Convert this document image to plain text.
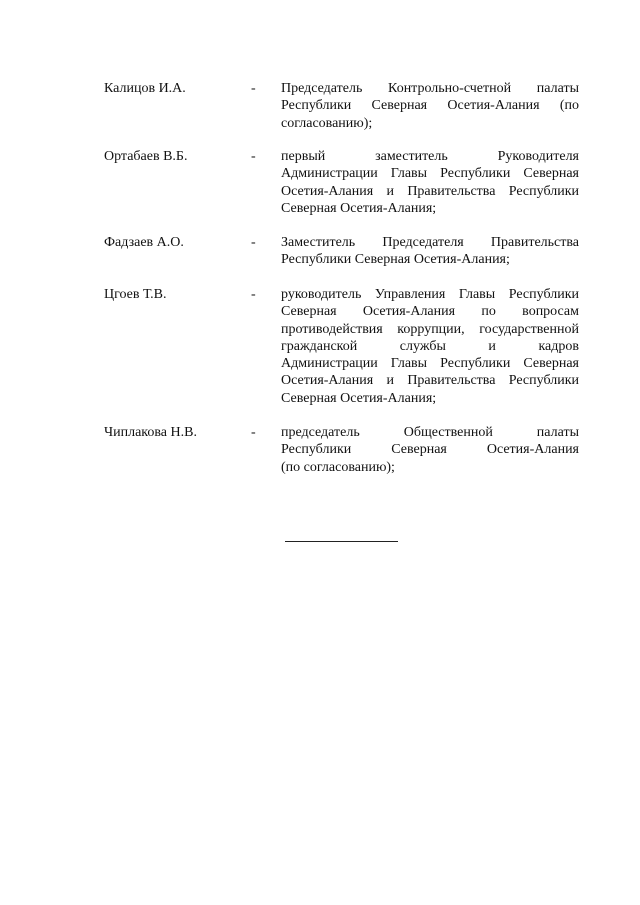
Калицов И.А.	- Председатель Контрольно-счетной палаты
Республики Северная Осетия-Алания (по
согласованию);
Ортабаев В.Б.	- первый заместитель Руководителя
Администрации Главы Республики Северная
Осетия-Алания и Правительства Республики
Северная Осетия-Алания;
Фадзаев А.О.	- Заместитель Председателя Правительства
Республики Северная Осетия-Алания;
Цгоев Т.В.	- руководитель Управления Главы Республики
Северная Осетия-Алания по вопросам
противодействия коррупции, государственной
гражданской службы и кадров
Администрации Главы Республики Северная
Осетия-Алания и Правительства Республики
Северная Осетия-Алания;
Чиплакова Н.В.	- председатель Общественной палаты
Республики Северная Осетия-Алания
(по согласованию);
